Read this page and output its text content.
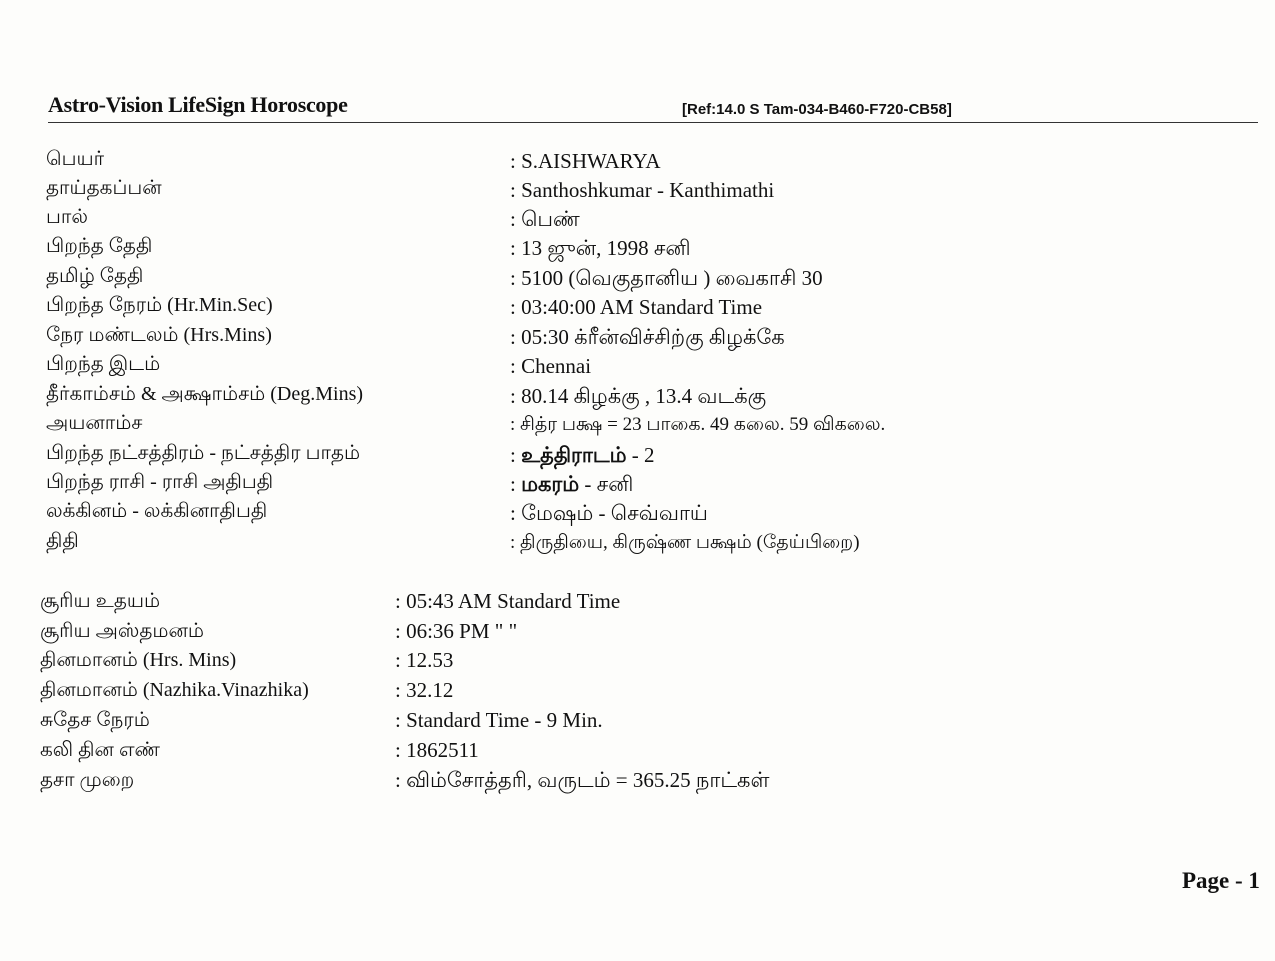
Astro-Vision LifeSign Horoscope	[Ref:14.0 S Tam-034-B460-F720-CB58]
பெயர்	: S.AISHWARYA
தாய்தகப்பன்	: Santhoshkumar - Kanthimathi
பால்	: பெண்
பிறந்த தேதி	: 13 ஜுன், 1998 சனி
தமிழ் தேதி	: 5100 (வெகுதானிய ) வைகாசி 30
பிறந்த நேரம் (Hr.Min.Sec)	: 03:40:00 AM Standard Time
நேர மண்டலம் (Hrs.Mins)	: 05:30 க்ரீன்விச்சிற்கு கிழக்கே
பிறந்த இடம்	: Chennai
தீர்காம்சம் & அக்ஷாம்சம் (Deg.Mins)	: 80.14 கிழக்கு , 13.4 வடக்கு
அயனாம்ச	: சித்ர பக்ஷ = 23 பாகை. 49 கலை. 59 விகலை.
பிறந்த நட்சத்திரம் - நட்சத்திர பாதம்	: உத்திராடம் - 2
பிறந்த ராசி - ராசி அதிபதி	: மகரம் - சனி
லக்கினம் - லக்கினாதிபதி	: மேஷம் - செவ்வாய்
திதி	: திருதியை, கிருஷ்ண பக்ஷம் (தேய்பிறை)
சூரிய உதயம்	: 05:43 AM Standard Time
சூரிய அஸ்தமனம்	: 06:36 PM " "
தினமானம் (Hrs. Mins)	: 12.53
தினமானம் (Nazhika.Vinazhika)	: 32.12
சுதேச நேரம்	: Standard Time - 9 Min.
கலி தின எண்	: 1862511
தசா முறை	: விம்சோத்தரி, வருடம் = 365.25 நாட்கள்
Page - 1
